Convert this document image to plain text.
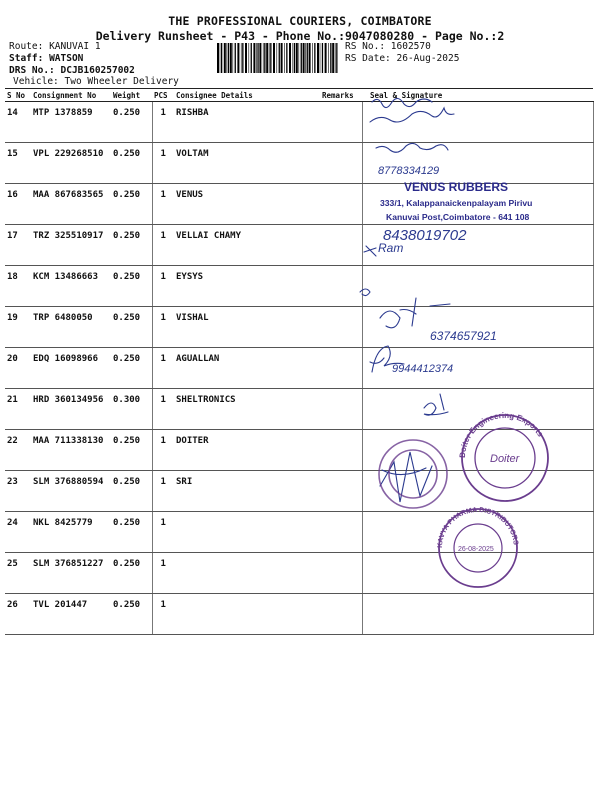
THE PROFESSIONAL COURIERS, COIMBATORE
Delivery Runsheet - P43 - Phone No.:9047080280 - Page No.:2
Route: KANUVAI 1
Staff: WATSON
DRS No.: DCJB160257002
Vehicle: Two Wheeler Delivery
RS No.: 1602570
RS Date: 26-Aug-2025
S No	Consignment No	Weight	PCS	Consignee Details	Remarks	Seal & Signature
14	MTP 1378859	0.250	1	RISHBA		
15	VPL 229268510	0.250	1	VOLTAM		
16	MAA 867683565	0.250	1	VENUS		
17	TRZ 325510917	0.250	1	VELLAI CHAMY		
18	KCM 13486663	0.250	1	EYSYS		
19	TRP 6480050	0.250	1	VISHAL		
20	EDQ 16098966	0.250	1	AGUALLAN		
21	HRD 360134956	0.300	1	SHELTRONICS		
22	MAA 711338130	0.250	1	DOITER		
23	SLM 376880594	0.250	1	SRI		
24	NKL 8425779	0.250	1			
25	SLM 376851227	0.250	1			
26	TVL 201447	0.250	1			
8778334129
8438019702
Ram
6374657921
9944412374
VENUS RUBBERS
333/1, Kalappanaickenpalayam Pirivu
Kanuvai Post,Coimbatore - 641 108
Doiter Engineering Exports
Doiter
KAVYA PHARMA DISTRIBUTORS
26-08-2025
